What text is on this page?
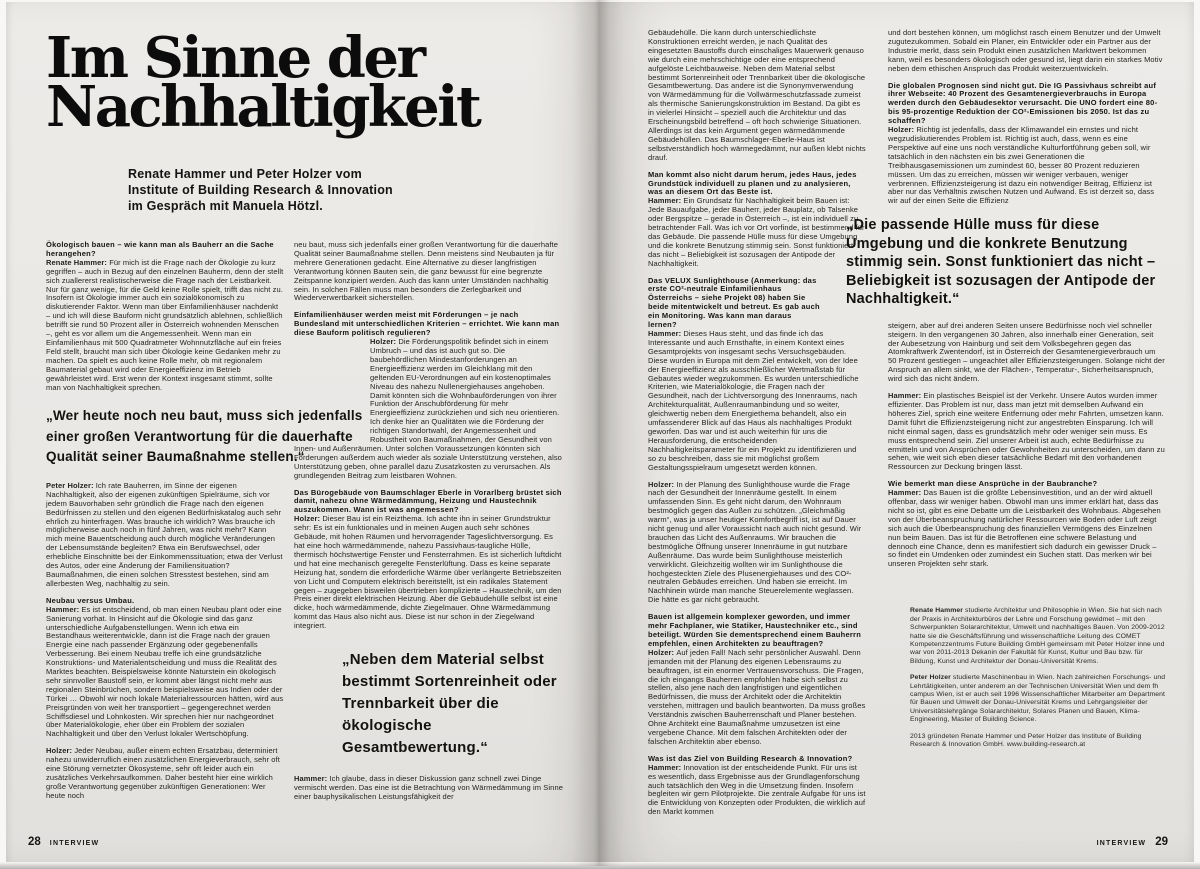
Im Sinne der
Nachhaltigkeit
Renate Hammer und Peter Holzer vom
Institute of Building Research & Innovation
im Gespräch mit Manuela Hötzl.

Ökologisch bauen – wie kann man als Bauherr an die Sache herangehen?

Renate Hammer: Für mich ist die Frage nach der Ökologie zu kurz gegriffen – auch in Bezug auf den einzelnen Bauherrn, denn der stellt sich zuallererst realistischerweise die Frage nach der Leistbarkeit. Nur für ganz wenige, für die Geld keine Rolle spielt, trifft das nicht zu. Insofern ist Ökologie immer auch ein sozialökonomisch zu diskutierender Faktor. Wenn man über Einfamilienhäuser nachdenkt – und ich will diese Bauform nicht grundsätzlich ablehnen, schließlich betrifft sie rund 50 Prozent aller in Österreich wohnenden Menschen –, geht es vor allem um die Angemessenheit. Wenn man ein Einfamilienhaus mit 500 Quadratmeter Wohnnutzfläche auf ein freies Feld stellt, braucht man sich über Ökologie keine Gedanken mehr zu machen. Da spielt es auch keine Rolle mehr, ob mit regionalem Baumaterial gebaut wird oder Energieeffizienz im Betrieb gewährleistet wird. Erst wenn der Kontext insgesamt stimmt, sollte man von Nachhaltigkeit sprechen.

„Wer heute noch neu baut, muss sich jedenfalls einer großen Verantwortung für die dauerhafte Qualität seiner Baumaßnahme stellen.“

Peter Holzer: Ich rate Bauherren, im Sinne der eigenen Nachhaltigkeit, also der eigenen zukünftigen Spielräume, sich vor jedem Bauvorhaben sehr gründlich die Frage nach den eigenen Bedürfnissen zu stellen und den eigenen Bedürfniskatalog auch sehr ehrlich zu hinterfragen. Was brauche ich wirklich? Was brauche ich möglicherweise auch noch in fünf Jahren, was nicht mehr? Kann mich meine Bauentscheidung auch durch mögliche Veränderungen der Lebensumstände begleiten? Etwa ein Berufswechsel, oder erhebliche Einschnitte bei der Einkommenssituation; etwa der Verlust des Autos, oder eine Änderung der Familiensituation? Baumaßnahmen, die einen solchen Stresstest bestehen, sind am allerbesten Weg, nachhaltig zu sein.

Neubau versus Umbau.

Hammer: Es ist entscheidend, ob man einen Neubau plant oder eine Sanierung vorhat. In Hinsicht auf die Ökologie sind das ganz unterschiedliche Aufgabenstellungen. Wenn ich etwa ein Bestandhaus weiterentwickle, dann ist die Frage nach der grauen Energie eine nach passender Ergänzung oder gegebenenfalls Verbesserung. Bei einem Neubau treffe ich eine grundsätzliche Konstruktions- und Materialentscheidung und muss die Realität des Marktes beachten. Beispielsweise könnte Naturstein ein ökologisch sehr sinnvoller Baustoff sein, er kommt aber längst nicht mehr aus regionalen Steinbrüchen, sondern beispielsweise aus Indien oder der Türkei … Obwohl wir noch lokale Materialressourcen hätten, wird aus Preisgründen von weit her transportiert – gegengerechnet werden Schiffsdiesel und Lohnkosten. Wir sprechen hier nur nachgeordnet über Materialökologie, eher über ein Problem der sozialen Nachhaltigkeit und über den Verlust lokaler Wertschöpfung.

Holzer: Jeder Neubau, außer einem echten Ersatzbau, determiniert nahezu unwiderruflich einen zusätzlichen Energieverbrauch, sehr oft eine Störung vernetzter Ökosysteme, sehr oft leider auch ein zusätzliches Verkehrsaufkommen. Daher besteht hier eine wirklich große Verantwortung gegenüber zukünftigen Generationen: Wer heute noch

neu baut, muss sich jedenfalls einer großen Verantwortung für die dauerhafte Qualität seiner Baumaßnahme stellen. Denn meistens sind Neubauten ja für mehrere Generationen gedacht. Eine Alternative zu dieser langfristigen Verantwortung können Bauten sein, die ganz bewusst für eine begrenzte Zeitspanne konzipiert werden. Auch das kann unter Umständen nachhaltig sein. In solchen Fällen muss man besonders die Zerlegbarkeit und Wiederverwertbarkeit sicherstellen.

Einfamilienhäuser werden meist mit Förderungen – je nach Bundesland mit unterschiedlichen Kriterien – errichtet. Wie kann man diese Bauform politisch regulieren?

Holzer: Die Förderungspolitik befindet sich in einem Umbruch – und das ist auch gut so. Die baubehördlichen Mindestanforderungen an Energieeffizienz werden im Gleichklang mit den geltenden EU-Verordnungen auf ein kostenoptimales Niveau des nahezu Nullenergiehauses angehoben. Damit könnten sich die Wohnbauförderungen von ihrer Funktion der Anschubförderung für mehr Energieeffizienz zurückziehen und sich neu orientieren. Ich denke hier an Qualitäten wie die Förderung der richtigen Standortwahl, der Angemessenheit und Robustheit von Baumaßnahmen, der Gesundheit von Innen- und Außenräumen. Unter solchen Voraussetzungen könnten sich Förderungen außerdem auch wieder als soziale Unterstützung verstehen, also Unterstützung geben, ohne parallel dazu Zusatzkosten zu verursachen. Als grundlegenden Beitrag zum leistbaren Wohnen.

Das Bürogebäude von Baumschlager Eberle in Vorarlberg brüstet sich damit, nahezu ohne Wärmedämmung, Heizung und Haustechnik auszukommen. Wann ist was angemessen?

Holzer: Dieser Bau ist ein Reizthema. Ich achte ihn in seiner Grundstruktur sehr: Es ist ein funktionales und in meinen Augen auch sehr schönes Gebäude, mit hohen Räumen und hervorragender Tageslichtversorgung. Es hat eine hoch wärmedämmende, nahezu Passivhaus-taugliche Hülle, thermisch höchstwertige Fenster und Fensterrahmen. Es ist sicherlich luftdicht und hat eine mechanisch geregelte Fensterlüftung. Dass es keine separate Heizung hat, sondern die erforderliche Wärme über verlängerte Betriebszeiten von Licht und Computern elektrisch bereitstellt, ist ein radikales Statement gegen – zugegeben bisweilen übertrieben komplizierte – Haustechnik, um den Preis einer direkt elektrischen Heizung. Aber die Gebäudehülle selbst ist eine dicke, hoch wärmedämmende, dichte Ziegelmauer. Ohne Wärmedämmung kommt das Haus also nicht aus. Diese ist nur schon in der Ziegelwand integriert.

„Neben dem Material selbst bestimmt Sortenreinheit oder Trennbarkeit über die ökologische Gesamtbewertung.“

Hammer: Ich glaube, dass in dieser Diskussion ganz schnell zwei Dinge vermischt werden. Das eine ist die Betrachtung von Wärmedämmung im Sinne einer bauphysikalischen Leistungsfähigkeit der

Gebäudehülle. Die kann durch unterschiedlichste Konstruktionen erreicht werden, je nach Qualität des eingesetzten Baustoffs durch einschaliges Mauerwerk genauso wie durch eine mehrschichtige oder eine entsprechend aufgelöste Leichtbauweise. Neben dem Material selbst bestimmt Sortenreinheit oder Trennbarkeit über die ökologische Gesamtbewertung. Das andere ist die Synonymverwendung von Wärmedämmung für die Vollwärmeschutzfassade zumeist als thermische Sanierungskonstruktion im Bestand. Da gibt es in vielerlei Hinsicht – speziell auch die Architektur und das Erscheinungsbild betreffend – oft hoch schwierige Situationen. Allerdings ist das kein Argument gegen wärmedämmende Gebäudehüllen. Das Baumschlager-Eberle-Haus ist selbstverständlich hoch wärmegedämmt, nur außen klebt nichts drauf.

Man kommt also nicht darum herum, jedes Haus, jedes Grundstück individuell zu planen und zu analysieren, was an diesem Ort das Beste ist.

Hammer: Ein Grundsatz für Nachhaltigkeit beim Bauen ist: Jede Bauaufgabe, jeder Bauherr, jeder Bauplatz, ob Talsenke oder Bergspitze – gerade in Österreich –, ist ein individuell zu betrachtender Fall. Was ich vor Ort vorfinde, ist bestimmend für das Gebäude. Die passende Hülle muss für diese Umgebung und die konkrete Benutzung stimmig sein. Sonst funktioniert das nicht – Beliebigkeit ist sozusagen der Antipode der Nachhaltigkeit.

Das VELUX Sunlighthouse (Anmerkung: das erste CO²-neutrale Einfamilienhaus Österreichs – siehe Projekt 08) haben Sie beide mitentwickelt und betreut. Es gab auch ein Monitoring. Was kann man daraus lernen?

Hammer: Dieses Haus steht, und das finde ich das Interessante und auch Ernsthafte, in einem Kontext eines Gesamtprojekts von insgesamt sechs Versuchsgebäuden. Diese wurden in Europa mit dem Ziel entwickelt, von der Idee der Energieeffizienz als ausschließlicher Wertmaßstab für Gebautes wieder wegzukommen. Es wurden unterschiedliche Kriterien, wie Materialökologie, die Fragen nach der Gesundheit, nach der Lichtversorgung des Innenraums, nach Architekturqualität, Außenraumanbindung und so weiter, gleichwertig neben dem Energiethema behandelt, also ein umfassenderer Blick auf das Haus als nachhaltiges Produkt geworfen. Das war und ist auch weiterhin für uns die Herausforderung, die entscheidenden Nachhaltigkeitsparameter für ein Projekt zu identifizieren und so zu beschreiben, dass sie mit möglichst großem Gestaltungsspielraum umgesetzt werden können.

Holzer: In der Planung des Sunlighthouse wurde die Frage nach der Gesundheit der Innenräume gestellt. In einem umfassenden Sinn. Es geht nicht darum, den Wohnraum bestmöglich gegen das Außen zu schützen. „Gleichmäßig warm“, was ja unser heutiger Komfortbegriff ist, ist auf Dauer nicht genug und aller Voraussicht nach auch nicht gesund. Wir brauchen das Licht des Außenraums. Wir brauchen die bestmögliche Öffnung unserer Innenräume in gut nutzbare Außenräume. Das wurde beim Sunlighthouse meisterlich verwirklicht. Gleichzeitig wollten wir im Sunlighthouse die hochgesteckten Ziele des Plusenergiehauses und des CO²-neutralen Gebäudes erreichen. Und haben sie erreicht. Im Nachhinein würde man manche Steuerelemente weglassen. Die hätte es gar nicht gebraucht.

Bauen ist allgemein komplexer geworden, und immer mehr Fachplaner, wie Statiker, Haustechniker etc., sind beteiligt. Würden Sie dementsprechend einem Bauherrn empfehlen, einen Architekten zu beauftragen?

Holzer: Auf jeden Fall! Nach sehr persönlicher Auswahl. Denn jemanden mit der Planung des eigenen Lebensraums zu beauftragen, ist ein enormer Vertrauensvorschuss. Die Fragen, die ich eingangs Bauherren empfohlen habe sich selbst zu stellen, also jene nach den langfristigen und eigentlichen Bedürfnissen, die muss der Architekt oder die Architektin verstehen, mittragen und baulich beantworten. Da muss großes Verständnis zwischen Bauherrenschaft und Planer bestehen. Ohne Architekt eine Baumaßnahme umzusetzen ist eine vergebene Chance. Mit dem falschen Architekten oder der falschen Architektin aber ebenso.

Was ist das Ziel von Building Research & Innovation?

Hammer: Innovation ist der entscheidende Punkt. Für uns ist es wesentlich, dass Ergebnisse aus der Grundlagenforschung auch tatsächlich den Weg in die Umsetzung finden. Insofern begleiten wir gern Pilotprojekte. Die zentrale Aufgabe für uns ist die Entwicklung von Konzepten oder Produkten, die wirklich auf den Markt kommen

und dort bestehen können, um möglichst rasch einem Benutzer und der Umwelt zugutezukommen. Sobald ein Planer, ein Entwickler oder ein Partner aus der Industrie merkt, dass sein Produkt einen zusätzlichen Marktwert bekommen kann, weil es besonders ökologisch oder gesund ist, liegt darin ein starkes Motiv neben dem ethischen Anspruch das Produkt weiterzuentwickeln.

Die globalen Prognosen sind nicht gut. Die IG Passivhaus schreibt auf ihrer Webseite: 40 Prozent des Gesamtenergieverbrauchs in Europa werden durch den Gebäudesektor verursacht. Die UNO fordert eine 80- bis 95-prozentige Reduktion der CO²-Emissionen bis 2050. Ist das zu schaffen?

Holzer: Richtig ist jedenfalls, dass der Klimawandel ein ernstes und nicht wegzudiskutierendes Problem ist. Richtig ist auch, dass, wenn es eine Perspektive auf eine uns noch verständliche Kulturfortführung geben soll, wir tatsächlich in den nächsten ein bis zwei Generationen die Treibhausgasemissionen um zumindest 60, besser 80 Prozent reduzieren müssen. Um das zu erreichen, müssen wir weniger verbauen, weniger verbrennen. Effizienzsteigerung ist dazu ein notwendiger Beitrag, Effizienz ist aber nur das Verhältnis zwischen Nutzen und Aufwand. Es ist derzeit so, dass wir auf der einen Seite die Effizienz

„Die passende Hülle muss für diese Umgebung und die konkrete Benutzung stimmig sein. Sonst funktioniert das nicht – Beliebigkeit ist sozusagen der Antipode der Nachhaltigkeit.“

steigern, aber auf drei anderen Seiten unsere Bedürfnisse noch viel schneller steigern. In den vergangenen 30 Jahren, also innerhalb einer Generation, seit der Aubesetzung von Hainburg und seit dem Volksbegehren gegen das Atomkraftwerk Zwentendorf, ist in Österreich der Gesamtenergieverbrauch um 50 Prozent gestiegen – ungeachtet aller Effizienzsteigerungen. Solange nicht der Anspruch an allem sinkt, wie der Flächen-, Temperatur-, Sicherheitsanspruch, wird sich das nicht ändern.

Hammer: Ein plastisches Beispiel ist der Verkehr. Unsere Autos wurden immer effizienter. Das Problem ist nur, dass man jetzt mit demselben Aufwand ein höheres Ziel, sprich eine weitere Entfernung oder mehr Fahrten, umsetzen kann. Damit führt die Effizienzsteigerung nicht zur angestrebten Einsparung. Ich will nicht einmal sagen, dass es grundsätzlich mehr oder weniger sein muss. Es muss entsprechend sein. Ziel unserer Arbeit ist auch, echte Bedürfnisse zu ermitteln und von Ansprüchen oder Gewohnheiten zu unterscheiden, um dann zu sehen, wie weit sich eben dieser tatsächliche Bedarf mit den vorhandenen Ressourcen zur Deckung bringen lässt.

Wie bemerkt man diese Ansprüche in der Baubranche?

Hammer: Das Bauen ist die größte Lebensinvestition, und an der wird aktuell offenbar, dass wir weniger haben. Obwohl man uns immer erklärt hat, dass das nicht so ist, gibt es eine Debatte um die Leistbarkeit des Wohnbaus. Abgesehen von der Überbeanspruchung natürlicher Ressourcen wie Boden oder Luft zeigt sich auch die Überbeanspruchung des finanziellen Vermögens des Einzelnen nun beim Bauen. Das ist für die Betroffenen eine schwere Belastung und dennoch eine Chance, denn es manifestiert sich dadurch ein gewisser Druck – so findet ein Umdenken oder zumindest ein Suchen statt. Das merken wir bei unseren Projekten sehr stark.

Renate Hammer studierte Architektur und Philosophie in Wien. Sie hat sich nach der Praxis in Architekturbüros der Lehre und Forschung gewidmet – mit den Schwerpunkten Solararchitektur, Umwelt und nachhaltiges Bauen. Von 2009-2012 hatte sie die Geschäftsführung und wissenschaftliche Leitung des COMET Kompetenzzentrums Future Building GmbH gemeinsam mit Peter Holzer inne und war von 2011-2013 Dekanin der Fakultät für Kunst, Kultur und Bau bzw. für Bildung, Kunst und Architektur der Donau-Universität Krems.

Peter Holzer studierte Maschinenbau in Wien. Nach zahlreichen Forschungs- und Lehrtätigkeiten, unter anderem an der Technischen Universität Wien und dem fh campus Wien, ist er auch seit 1996 Wissenschaftlicher Mitarbeiter am Department für Bauen und Umwelt der Donau-Universität Krems und Lehrgangsleiter der Universitätslehrgänge Solararchitektur, Solares Planen und Bauen, Klima-Engineering, Master of Building Science.

2013 gründeten Renate Hammer und Peter Holzer das Institute of Building Research & Innovation GmbH. www.building-research.at

28 INTERVIEW	INTERVIEW 29
